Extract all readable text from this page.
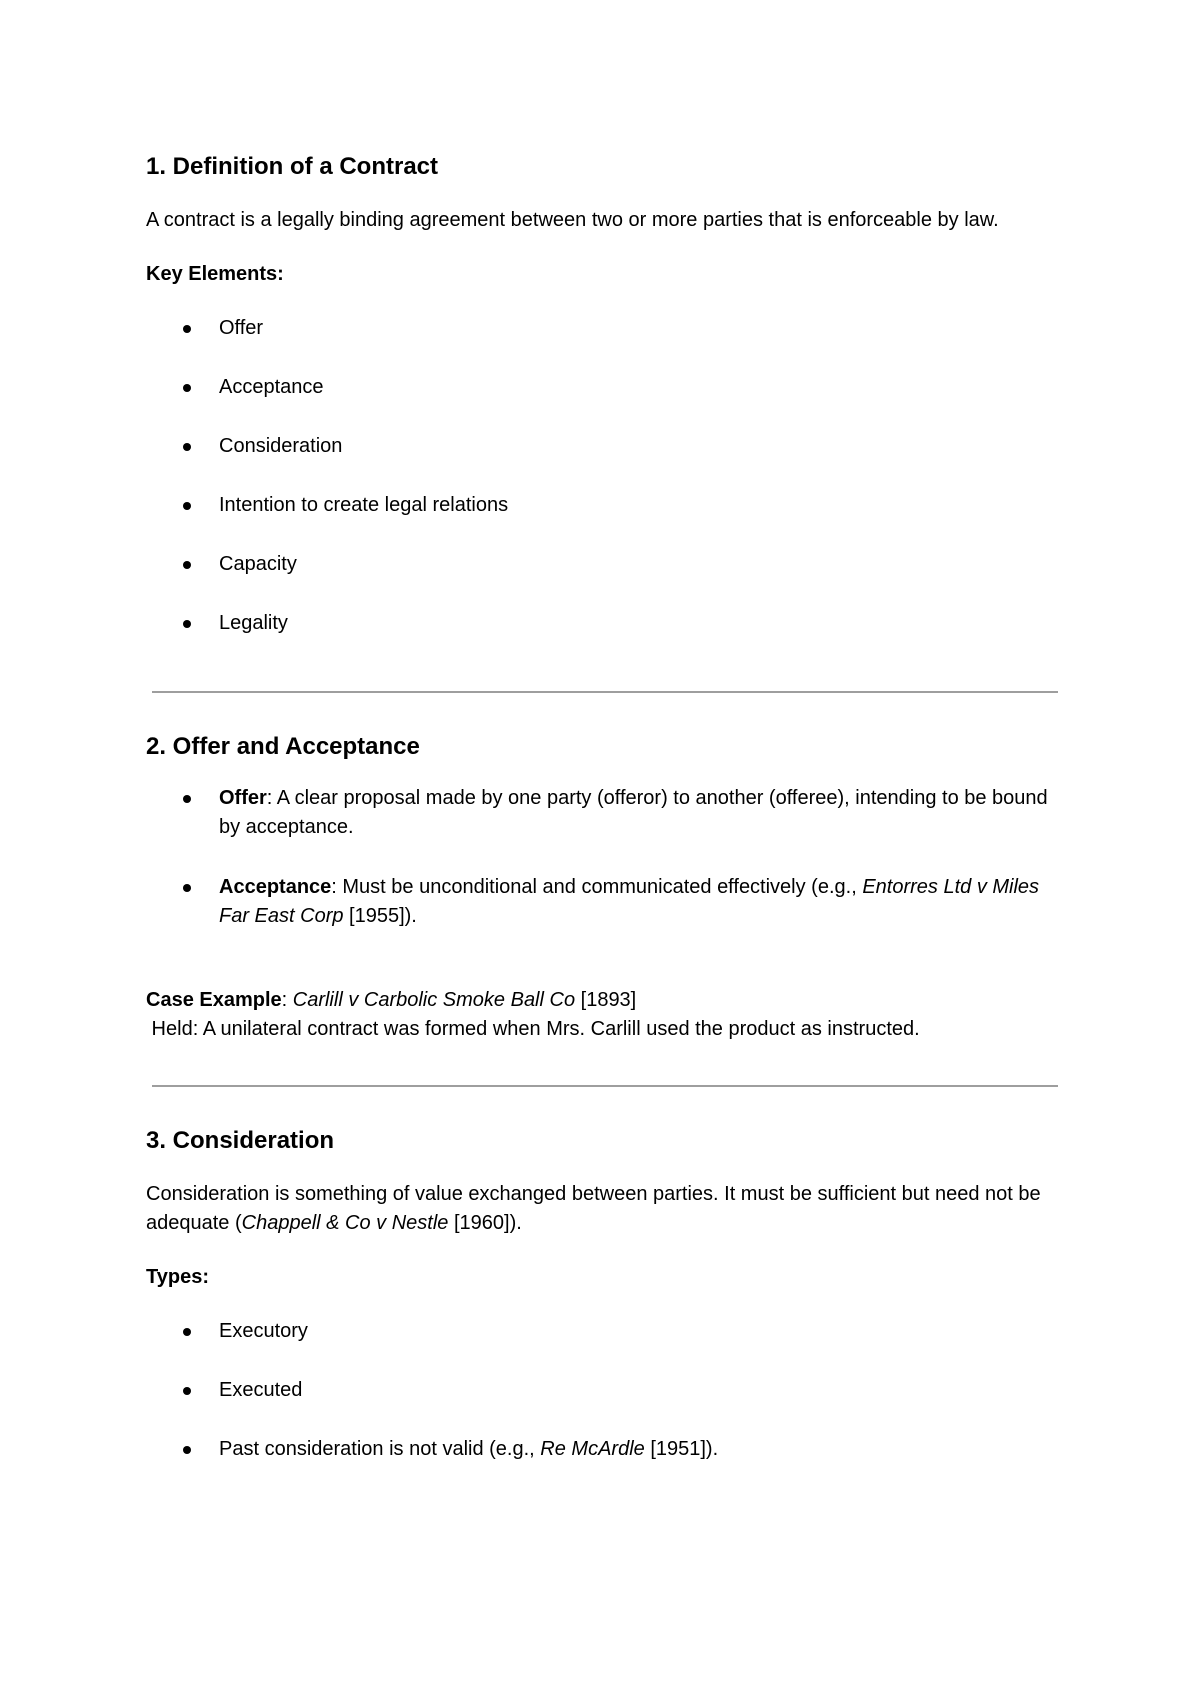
1. Definition of a Contract

A contract is a legally binding agreement between two or more parties that is enforceable by law.

Key Elements:

Offer
Acceptance
Consideration
Intention to create legal relations
Capacity
Legality
2. Offer and Acceptance
Offer: A clear proposal made by one party (offeror) to another (offeree), intending to be bound by acceptance.
Acceptance: Must be unconditional and communicated effectively (e.g., Entorres Ltd v Miles Far East Corp [1955]).

Case Example: Carlill v Carbolic Smoke Ball Co [1893]

Held: A unilateral contract was formed when Mrs. Carlill used the product as instructed.

3. Consideration

Consideration is something of value exchanged between parties. It must be sufficient but need not be adequate (Chappell & Co v Nestle [1960]).

Types:

Executory
Executed
Past consideration is not valid (e.g., Re McArdle [1951]).
